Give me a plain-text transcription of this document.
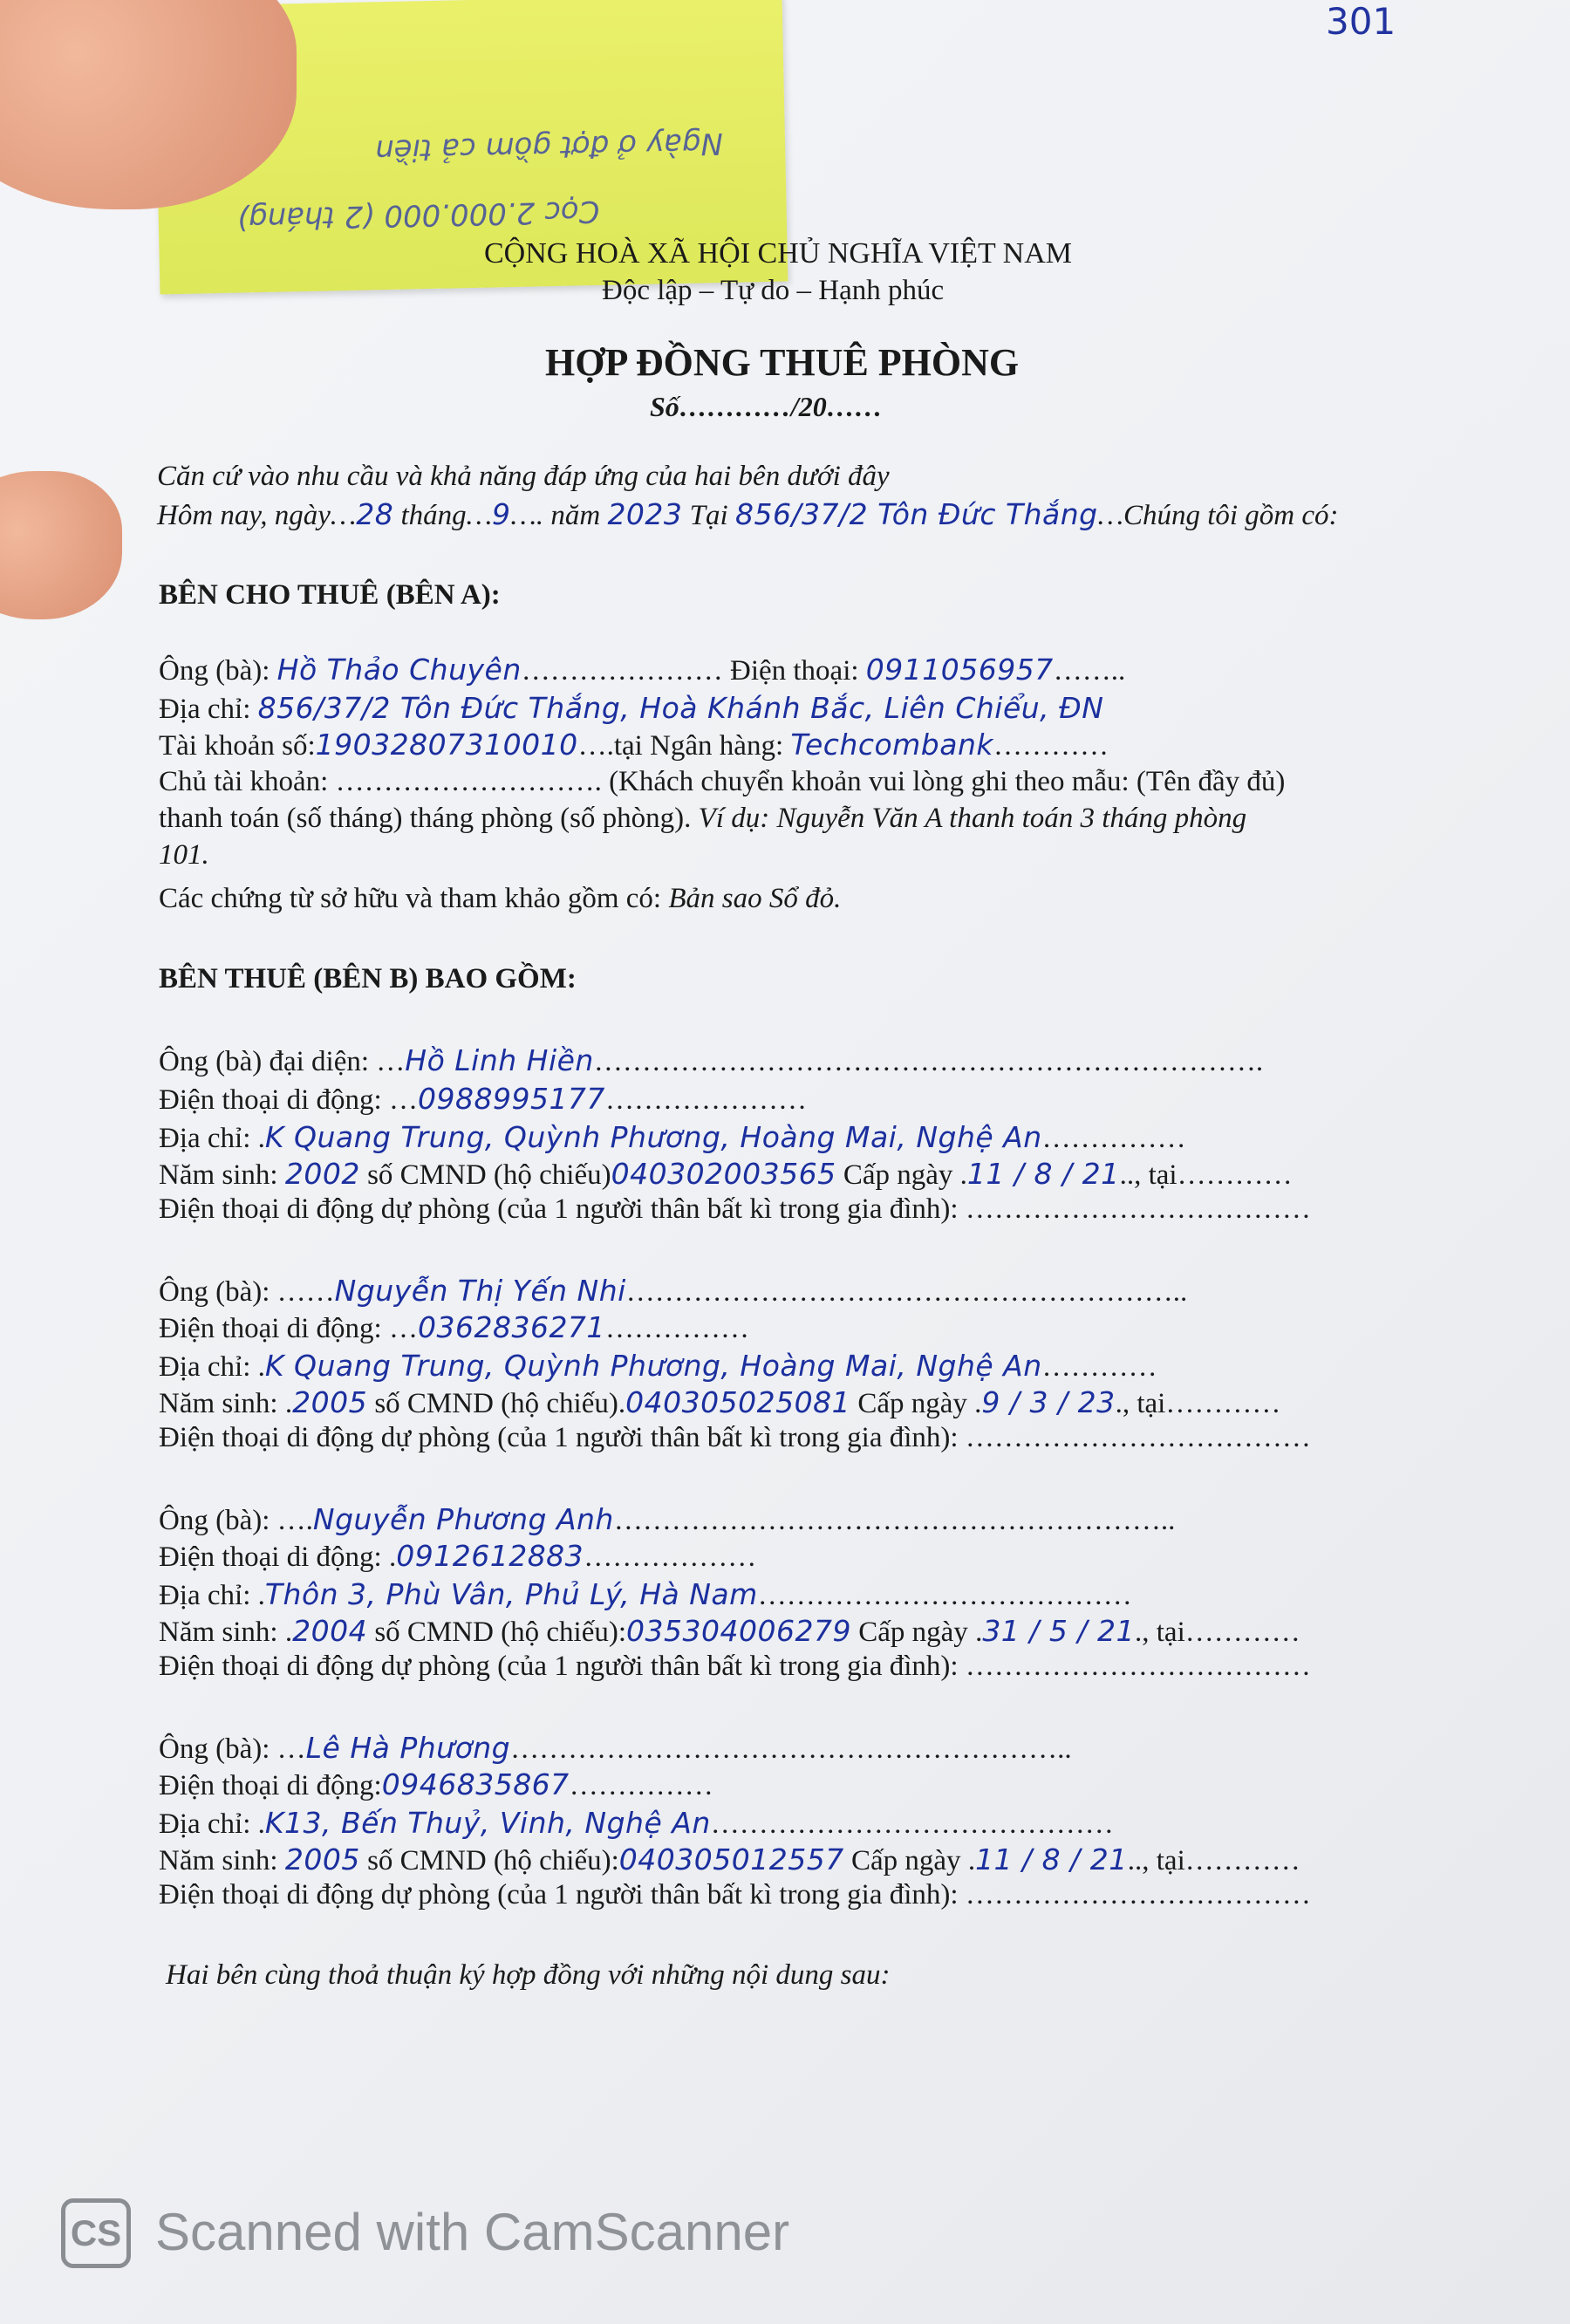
Ngày ở đợt gồm cả tiền
Cọc 2.000.000 (2 tháng)
301
CỘNG HOÀ XÃ HỘI CHỦ NGHĨA VIỆT NAM
Độc lập – Tự do – Hạnh phúc
HỢP ĐỒNG THUÊ PHÒNG
Số…………/20……
Căn cứ vào nhu cầu và khả năng đáp ứng của hai bên dưới đây
Hôm nay, ngày…28 tháng…9…. năm 2023 Tại 856/37/2 Tôn Đức Thắng…Chúng tôi gồm có:
BÊN CHO THUÊ (BÊN A):
Ông (bà): Hồ Thảo Chuyên………………… Điện thoại: 0911056957……..
Địa chỉ: 856/37/2 Tôn Đức Thắng, Hoà Khánh Bắc, Liên Chiểu, ĐN
Tài khoản số:19032807310010….tại Ngân hàng: Techcombank…………
Chủ tài khoản: ………………………. (Khách chuyển khoản vui lòng ghi theo mẫu: (Tên đầy đủ)
thanh toán (số tháng) tháng phòng (số phòng). Ví dụ: Nguyễn Văn A thanh toán 3 tháng phòng
101.
Các chứng từ sở hữu và tham khảo gồm có: Bản sao Sổ đỏ.
BÊN THUÊ (BÊN B) BAO GỒM:
Ông (bà) đại diện: …Hồ Linh Hiền…………………………………………………………….
Điện thoại di động: …0988995177…………………
Địa chỉ: .K Quang Trung, Quỳnh Phương, Hoàng Mai, Nghệ An……………
Năm sinh: 2002 số CMND (hộ chiếu)040302003565 Cấp ngày .11 / 8 / 21.., tại…………
Điện thoại di động dự phòng (của 1 người thân bất kì trong gia đình): ………………………………
Ông (bà): ……Nguyễn Thị Yến Nhi…………………………………………………..
Điện thoại di động: …0362836271……………
Địa chỉ: .K Quang Trung, Quỳnh Phương, Hoàng Mai, Nghệ An…………
Năm sinh: .2005 số CMND (hộ chiếu).040305025081 Cấp ngày .9 / 3 / 23., tại…………
Điện thoại di động dự phòng (của 1 người thân bất kì trong gia đình): ………………………………
Ông (bà): ….Nguyễn Phương Anh…………………………………………………..
Điện thoại di động: .0912612883………………
Địa chỉ: .Thôn 3, Phù Vân, Phủ Lý, Hà Nam…………………………………
Năm sinh: .2004 số CMND (hộ chiếu):035304006279 Cấp ngày .31 / 5 / 21., tại…………
Điện thoại di động dự phòng (của 1 người thân bất kì trong gia đình): ………………………………
Ông (bà): …Lê Hà Phương…………………………………………………..
Điện thoại di động:0946835867……………
Địa chỉ: .K13, Bến Thuỷ, Vinh, Nghệ An……………………………………
Năm sinh: 2005 số CMND (hộ chiếu):040305012557 Cấp ngày .11 / 8 / 21.., tại…………
Điện thoại di động dự phòng (của 1 người thân bất kì trong gia đình): ………………………………
Hai bên cùng thoả thuận ký hợp đồng với những nội dung sau:
CS Scanned with CamScanner
